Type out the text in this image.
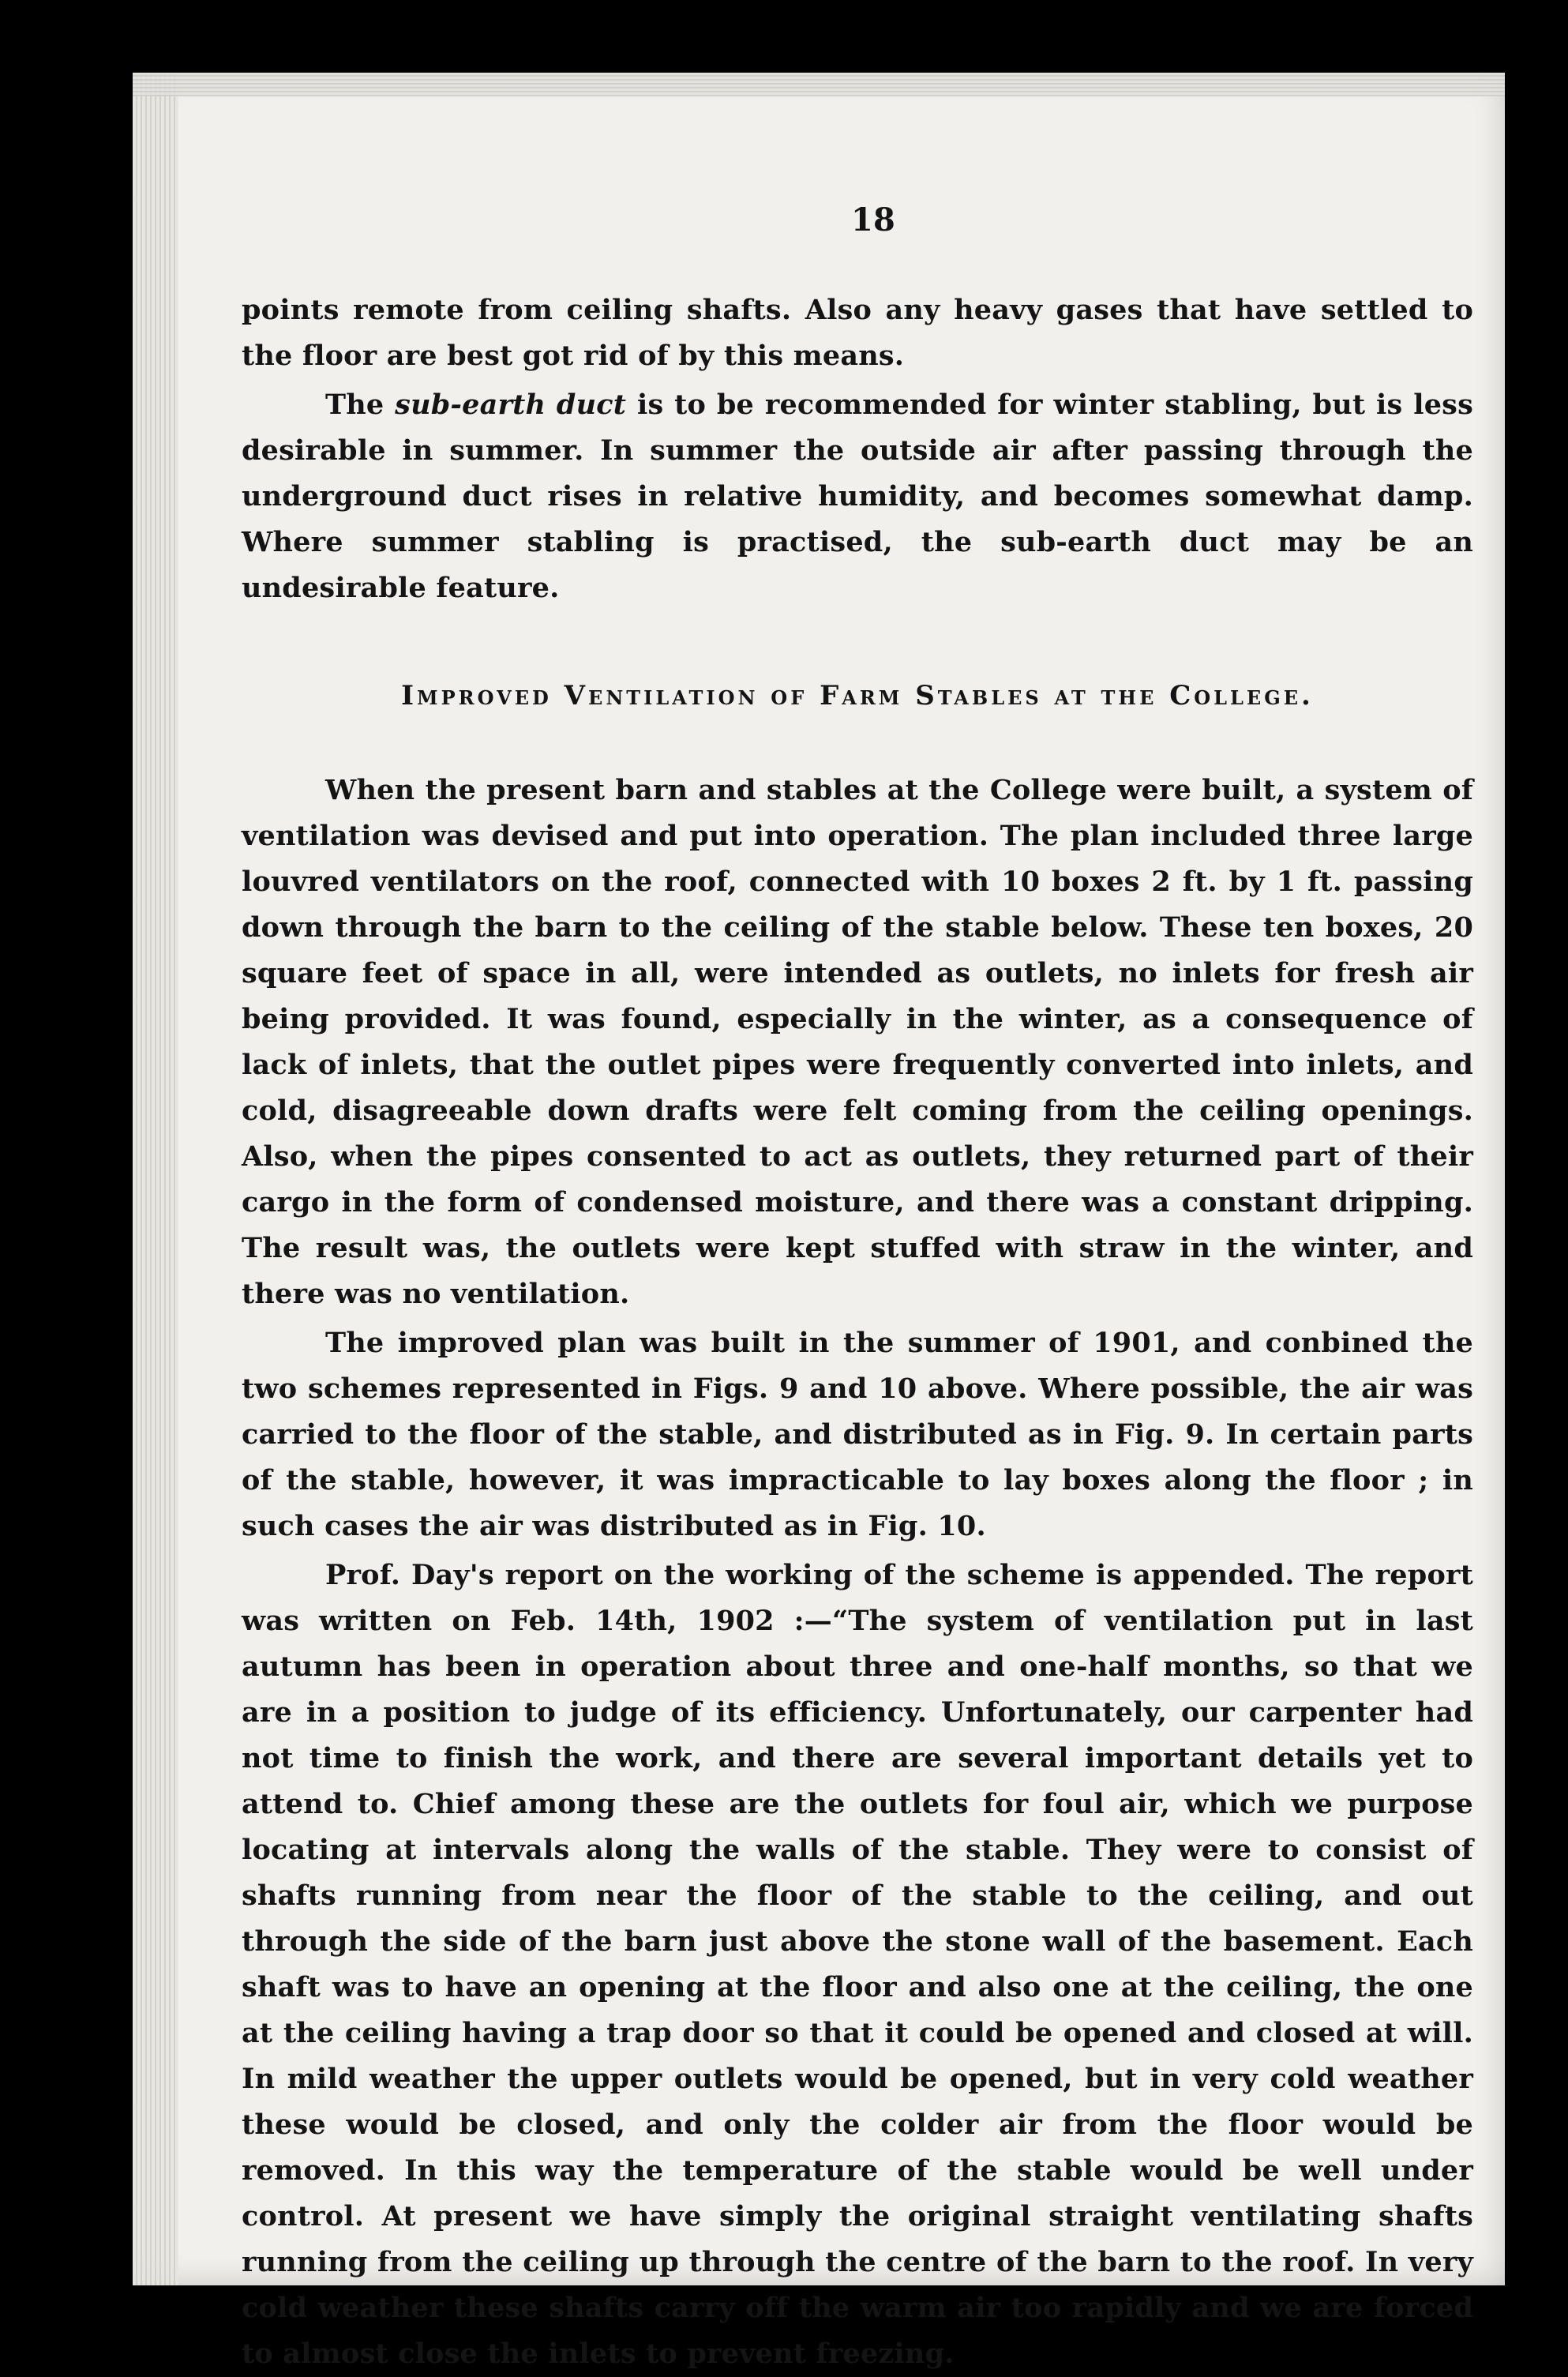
18

points remote from ceiling shafts. Also any heavy gases that have settled to the floor are best got rid of by this means.

The sub-earth duct is to be recommended for winter stabling, but is less desirable in summer. In summer the outside air after passing through the underground duct rises in relative humidity, and becomes somewhat damp. Where summer stabling is practised, the sub-earth duct may be an undesirable feature.

Improved Ventilation of Farm Stables at the College.

When the present barn and stables at the College were built, a system of ventilation was devised and put into operation. The plan included three large louvred ventilators on the roof, connected with 10 boxes 2 ft. by 1 ft. passing down through the barn to the ceiling of the stable below. These ten boxes, 20 square feet of space in all, were intended as outlets, no inlets for fresh air being provided. It was found, especially in the winter, as a consequence of lack of inlets, that the outlet pipes were frequently converted into inlets, and cold, disagreeable down drafts were felt coming from the ceiling openings. Also, when the pipes consented to act as outlets, they returned part of their cargo in the form of condensed moisture, and there was a constant dripping. The result was, the outlets were kept stuffed with straw in the winter, and there was no ventilation.

The improved plan was built in the summer of 1901, and conbined the two schemes represented in Figs. 9 and 10 above. Where possible, the air was carried to the floor of the stable, and distributed as in Fig. 9. In certain parts of the stable, however, it was impracticable to lay boxes along the floor ; in such cases the air was distributed as in Fig. 10.

Prof. Day's report on the working of the scheme is appended. The report was written on Feb. 14th, 1902 :—“The system of ventilation put in last autumn has been in operation about three and one-half months, so that we are in a position to judge of its efficiency. Unfortunately, our carpenter had not time to finish the work, and there are several important details yet to attend to. Chief among these are the outlets for foul air, which we purpose locating at intervals along the walls of the stable. They were to consist of shafts running from near the floor of the stable to the ceiling, and out through the side of the barn just above the stone wall of the basement. Each shaft was to have an opening at the floor and also one at the ceiling, the one at the ceiling having a trap door so that it could be opened and closed at will. In mild weather the upper outlets would be opened, but in very cold weather these would be closed, and only the colder air from the floor would be removed. In this way the temperature of the stable would be well under control. At present we have simply the original straight ventilating shafts running from the ceiling up through the centre of the barn to the roof. In very cold weather these shafts carry off the warm air too rapidly and we are forced to almost close the inlets to prevent freezing.
